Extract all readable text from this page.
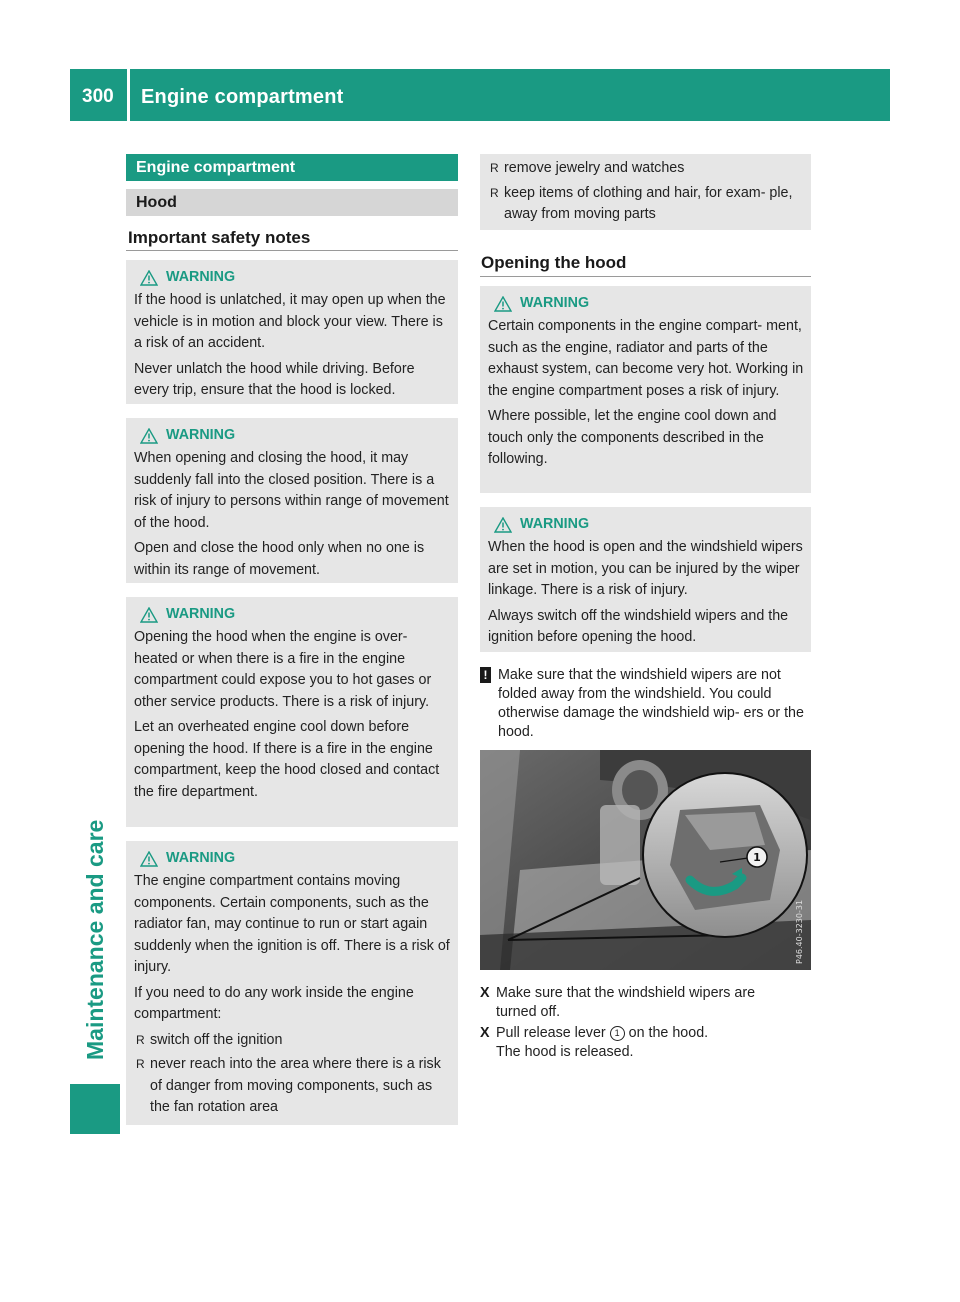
300 Engine compartment
Maintenance and care
Engine compartment
Hood
Important safety notes
WARNING

If the hood is unlatched, it may open up when the vehicle is in motion and block your view. There is a risk of an accident.

Never unlatch the hood while driving. Before every trip, ensure that the hood is locked.

WARNING

When opening and closing the hood, it may suddenly fall into the closed position. There is a risk of injury to persons within range of movement of the hood.

Open and close the hood only when no one is within its range of movement.

WARNING

Opening the hood when the engine is over- heated or when there is a fire in the engine compartment could expose you to hot gases or other service products. There is a risk of injury.

Let an overheated engine cool down before opening the hood. If there is a fire in the engine compartment, keep the hood closed and contact the fire department.

WARNING

The engine compartment contains moving components. Certain components, such as the radiator fan, may continue to run or start again suddenly when the ignition is off. There is a risk of injury.

If you need to do any work inside the engine compartment:

R switch off the ignition
R never reach into the area where there is a risk of danger from moving components, such as the fan rotation area
R remove jewelry and watches
R keep items of clothing and hair, for exam- ple, away from moving parts
Opening the hood
WARNING

Certain components in the engine compart- ment, such as the engine, radiator and parts of the exhaust system, can become very hot. Working in the engine compartment poses a risk of injury.

Where possible, let the engine cool down and touch only the components described in the following.

WARNING

When the hood is open and the windshield wipers are set in motion, you can be injured by the wiper linkage. There is a risk of injury.

Always switch off the windshield wipers and the ignition before opening the hood.

! Make sure that the windshield wipers are not folded away from the windshield. You could otherwise damage the windshield wip- ers or the hood.
1
P46.40-3230-31
X Make sure that the windshield wipers are
turned off.
X Pull release lever 1 on the hood.
The hood is released.
